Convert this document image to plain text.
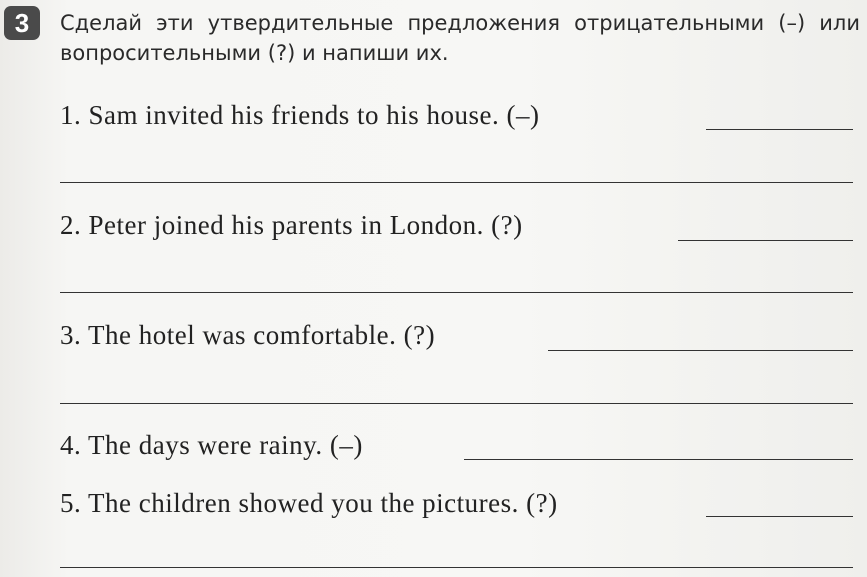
3	Сделай эти утвердительные предложения отрицательными (–) или вопросительными (?) и напиши их.
1. Sam invited his friends to his house. (–)
2. Peter joined his parents in London. (?)
3. The hotel was comfortable. (?)
4. The days were rainy. (–)
5. The children showed you the pictures. (?)
